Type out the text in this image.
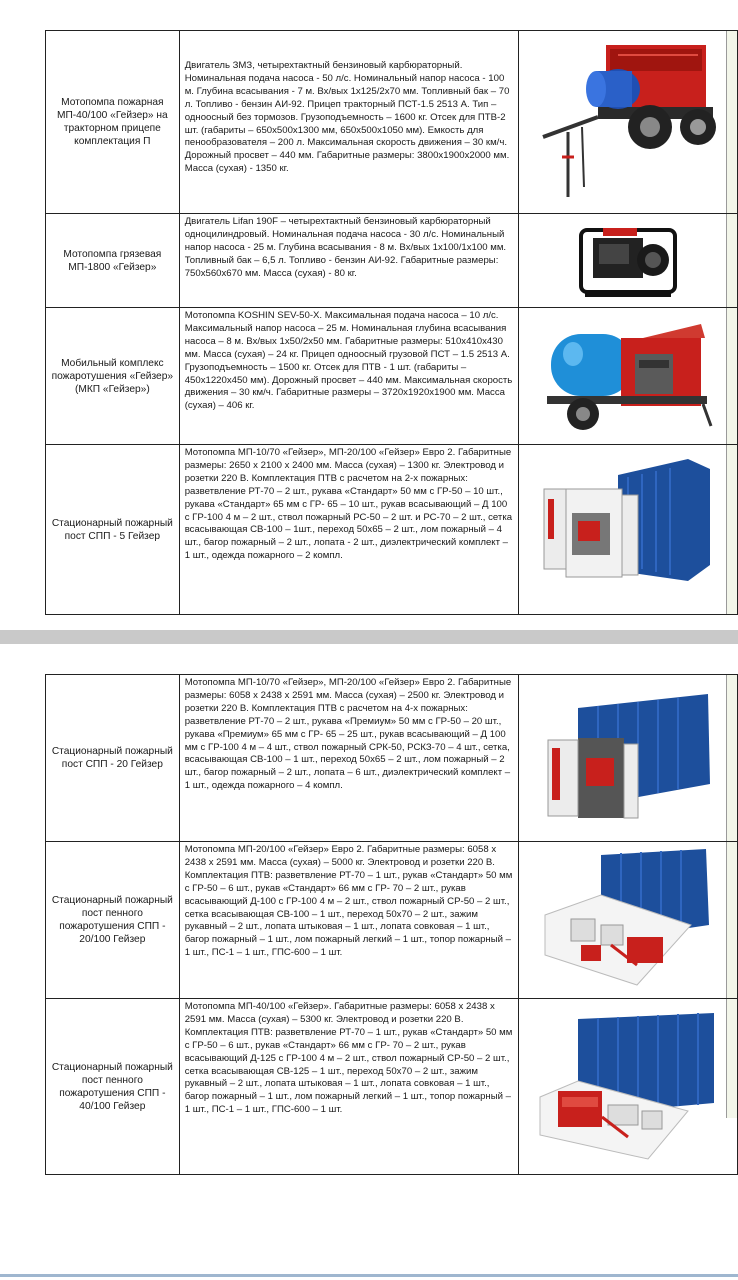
Мотопомпа пожарная МП-40/100 «Гейзер» на тракторном прицепе комплектация П	Двигатель ЗМЗ, четырехтактный бензиновый карбюраторный. Номинальная подача насоса - 50 л/с. Номинальный напор насоса - 100 м. Глубина всасывания - 7 м. Вх/вых 1х125/2х70 мм. Топливный бак – 70 л. Топливо - бензин АИ-92. Прицеп тракторный ПСТ-1.5 2513 А. Тип – одноосный без тормозов. Грузоподъемность – 1600 кг. Отсек для ПТВ-2 шт. (габариты – 650х500х1300 мм, 650х500х1050 мм). Емкость для пенообразователя – 200 л. Максимальная скорость движения – 30 км/ч. Дорожный просвет – 440 мм. Габаритные размеры: 3800х1900х2000 мм. Масса (сухая) - 1350 кг.	

Мотопомпа грязевая МП-1800 «Гейзер»	Двигатель Lifan 190F – четырехтактный бензиновый карбюраторный одноцилиндровый. Номинальная подача насоса - 30 л/с. Номинальный напор насоса - 25 м. Глубина всасывания - 8 м. Вх/вых 1х100/1х100 мм. Топливный бак – 6,5 л. Топливо - бензин АИ-92. Габаритные размеры: 750х560х670 мм. Масса (сухая) - 80 кг.	

Мобильный комплекс пожаротушения «Гейзер» (МКП «Гейзер»)	Мотопомпа KOSHIN SEV-50-X. Максимальная подача насоса – 10 л/с. Максимальный напор насоса – 25 м. Номинальная глубина всасывания насоса – 8 м. Вх/вых 1х50/2х50 мм. Габаритные размеры: 510х410х430 мм. Масса (сухая) – 24 кг. Прицеп одноосный грузовой ПСТ – 1.5 2513 А. Грузоподъемность – 1500 кг. Отсек для ПТВ - 1 шт. (габариты – 450х1220х450 мм). Дорожный просвет – 440 мм. Максимальная скорость движения – 30 км/ч. Габаритные размеры – 3720х1920х1900 мм. Масса (сухая) – 406 кг.	

Стационарный пожарный пост СПП - 5 Гейзер	Мотопомпа МП-10/70 «Гейзер», МП-20/100 «Гейзер» Евро 2. Габаритные размеры: 2650 х 2100 х 2400 мм. Масса (сухая) – 1300 кг. Электровод и розетки 220 В. Комплектация ПТВ с расчетом на 2-х пожарных: разветвление РТ-70 – 2 шт., рукава «Стандарт» 50 мм с ГР-50 – 10 шт., рукава «Стандарт» 65 мм с ГР- 65 – 10 шт., рукав всасывающий – Д 100 с ГР-100 4 м – 2 шт., ствол пожарный РС-50 – 2 шт. и РС-70 – 2 шт., сетка всасывающая СВ-100 – 1шт., переход 50х65 – 2 шт., лом пожарный – 4 шт., багор пожарный – 2 шт., лопата - 2 шт., диэлектрический комплект – 1 шт., одежда пожарного – 2 компл.	
Стационарный пожарный пост СПП - 20 Гейзер	Мотопомпа МП-10/70 «Гейзер», МП-20/100 «Гейзер» Евро 2. Габаритные размеры: 6058 х 2438 х 2591 мм. Масса (сухая) – 2500 кг. Электровод и розетки 220 В. Комплектация ПТВ с расчетом на 4-х пожарных: разветвление РТ-70 – 2 шт., рукава «Премиум» 50 мм с ГР-50 – 20 шт., рукава «Премиум» 65 мм с ГР- 65 – 25 шт., рукав всасывающий – Д 100 мм с ГР-100 4 м – 4 шт., ствол пожарный СРК-50, РСКЗ-70 – 4 шт., сетка, всасывающая СВ-100 – 1 шт., переход 50х65 – 2 шт., лом пожарный – 2 шт., багор пожарный – 2 шт., лопата – 6 шт., диэлектрический комплект – 1 шт., одежда пожарного – 4 компл.	

Стационарный пожарный пост пенного пожаротушения СПП - 20/100 Гейзер	Мотопомпа МП-20/100 «Гейзер» Евро 2. Габаритные размеры: 6058 х 2438 х 2591 мм. Масса (сухая) – 5000 кг. Электровод и розетки 220 В. Комплектация ПТВ: разветвление РТ-70 – 1 шт., рукав «Стандарт» 50 мм с ГР-50 – 6 шт., рукав «Стандарт» 66 мм с ГР- 70 – 2 шт., рукав всасывающий Д-100 с ГР-100 4 м – 2 шт., ствол пожарный СР-50 – 2 шт., сетка всасывающая СВ-100 – 1 шт., переход 50х70 – 2 шт., зажим рукавный – 2 шт., лопата штыковая – 1 шт., лопата совковая – 1 шт., багор пожарный – 1 шт., лом пожарный легкий – 1 шт., топор пожарный – 1 шт., ПС-1 – 1 шт., ГПС-600 – 1 шт.	

Стационарный пожарный пост пенного пожаротушения СПП - 40/100 Гейзер	Мотопомпа МП-40/100 «Гейзер». Габаритные размеры: 6058 х 2438 х 2591 мм. Масса (сухая) – 5300 кг. Электровод и розетки 220 В. Комплектация ПТВ: разветвление РТ-70 – 1 шт., рукав «Стандарт» 50 мм с ГР-50 – 6 шт., рукав «Стандарт» 66 мм с ГР- 70 – 2 шт., рукав всасывающий Д-125 с ГР-100 4 м – 2 шт., ствол пожарный СР-50 – 2 шт., сетка всасывающая СВ-125 – 1 шт., переход 50х70 – 2 шт., зажим рукавный – 2 шт., лопата штыковая – 1 шт., лопата совковая – 1 шт., багор пожарный – 1 шт., лом пожарный легкий – 1 шт., топор пожарный – 1 шт., ПС-1 – 1 шт., ГПС-600 – 1 шт.	
